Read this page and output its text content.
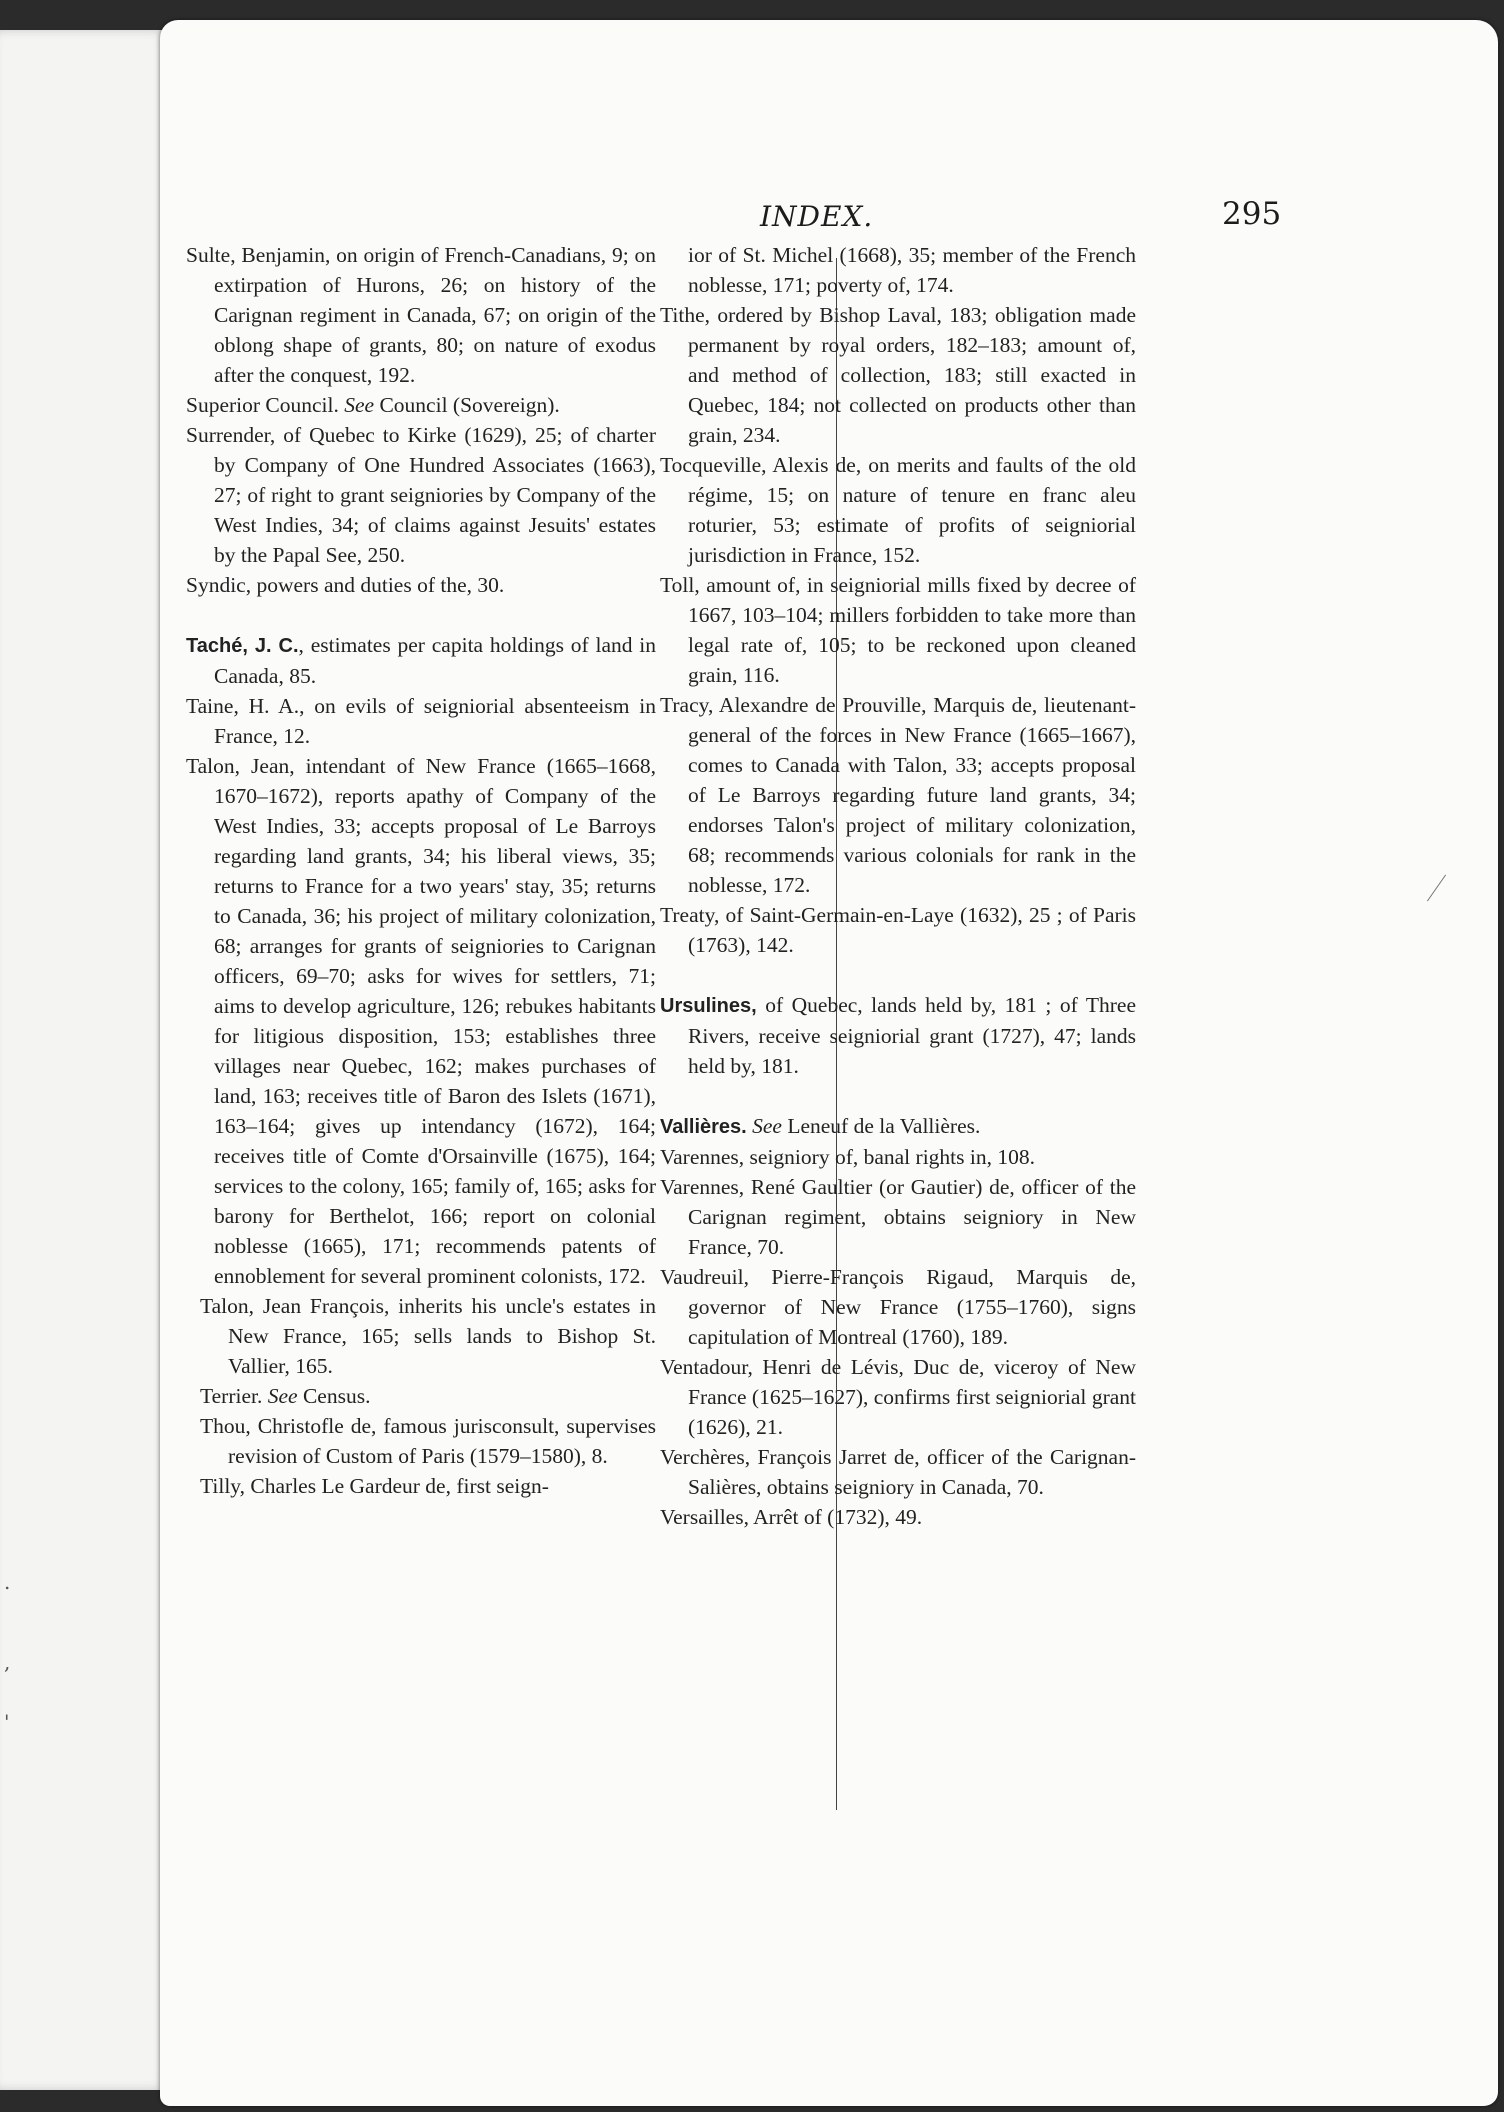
.
,
'
INDEX.	295

Sulte, Benjamin, on origin of French-Canadians, 9; on extirpation of Hurons, 26; on history of the Carignan regiment in Canada, 67; on origin of the oblong shape of grants, 80; on nature of exodus after the conquest, 192.

Superior Council. See Council (Sovereign).

Surrender, of Quebec to Kirke (1629), 25; of charter by Company of One Hundred Associates (1663), 27; of right to grant seigniories by Company of the West Indies, 34; of claims against Jesuits' estates by the Papal See, 250.

Syndic, powers and duties of the, 30.

Taché, J. C., estimates per capita holdings of land in Canada, 85.

Taine, H. A., on evils of seigniorial absenteeism in France, 12.

Talon, Jean, intendant of New France (1665–1668, 1670–1672), reports apathy of Company of the West Indies, 33; accepts proposal of Le Barroys regarding land grants, 34; his liberal views, 35; returns to France for a two years' stay, 35; returns to Canada, 36; his project of military colonization, 68; arranges for grants of seigniories to Carignan officers, 69–70; asks for wives for settlers, 71; aims to develop agriculture, 126; rebukes habitants for litigious disposition, 153; establishes three villages near Quebec, 162; makes purchases of land, 163; receives title of Baron des Islets (1671), 163–164; gives up intendancy (1672), 164; receives title of Comte d'Orsainville (1675), 164; services to the colony, 165; family of, 165; asks for barony for Berthelot, 166; report on colonial noblesse (1665), 171; recommends patents of ennoblement for several prominent colonists, 172.

Talon, Jean François, inherits his uncle's estates in New France, 165; sells lands to Bishop St. Vallier, 165.

Terrier. See Census.

Thou, Christofle de, famous jurisconsult, supervises revision of Custom of Paris (1579–1580), 8.

Tilly, Charles Le Gardeur de, first seign-

ior of St. Michel (1668), 35; member of the French noblesse, 171; poverty of, 174.

Tithe, ordered by Bishop Laval, 183; obligation made permanent by royal orders, 182–183; amount of, and method of collection, 183; still exacted in Quebec, 184; not collected on products other than grain, 234.

Tocqueville, Alexis de, on merits and faults of the old régime, 15; on nature of tenure en franc aleu roturier, 53; estimate of profits of seigniorial jurisdiction in France, 152.

Toll, amount of, in seigniorial mills fixed by decree of 1667, 103–104; millers forbidden to take more than legal rate of, 105; to be reckoned upon cleaned grain, 116.

Tracy, Alexandre de Prouville, Marquis de, lieutenant-general of the forces in New France (1665–1667), comes to Canada with Talon, 33; accepts proposal of Le Barroys regarding future land grants, 34; endorses Talon's project of military colonization, 68; recommends various colonials for rank in the noblesse, 172.

Treaty, of Saint-Germain-en-Laye (1632), 25 ; of Paris (1763), 142.

Ursulines, of Quebec, lands held by, 181 ; of Three Rivers, receive seigniorial grant (1727), 47; lands held by, 181.

Vallières. See Leneuf de la Vallières.

Varennes, seigniory of, banal rights in, 108.

Varennes, René Gaultier (or Gautier) de, officer of the Carignan regiment, obtains seigniory in New France, 70.

Vaudreuil, Pierre-François Rigaud, Marquis de, governor of New France (1755–1760), signs capitulation of Montreal (1760), 189.

Ventadour, Henri de Lévis, Duc de, viceroy of New France (1625–1627), confirms first seigniorial grant (1626), 21.

Verchères, François Jarret de, officer of the Carignan-Salières, obtains seigniory in Canada, 70.

Versailles, Arrêt of (1732), 49.
